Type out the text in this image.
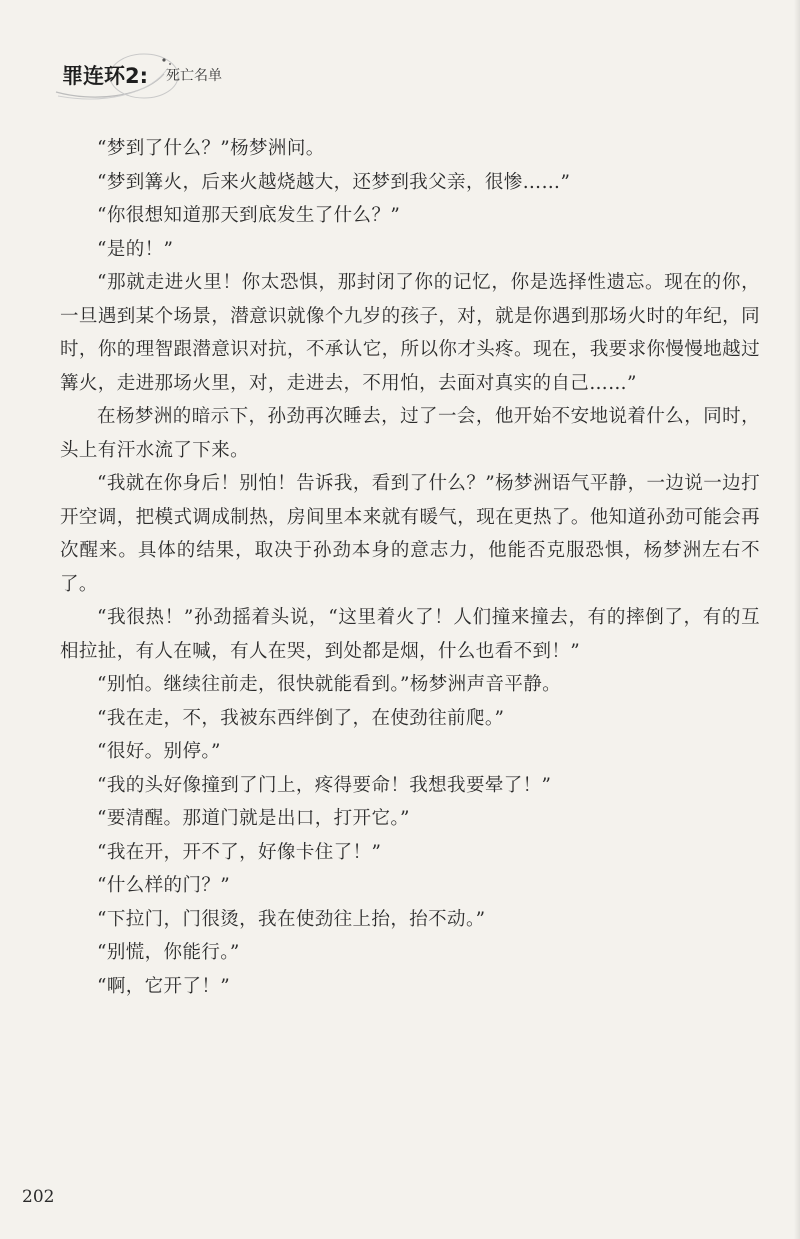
罪连环2: 死亡名单

“梦到了什么？”杨梦洲问。

“梦到篝火，后来火越烧越大，还梦到我父亲，很惨……”

“你很想知道那天到底发生了什么？”

“是的！”

“那就走进火里！你太恐惧，那封闭了你的记忆，你是选择性遗忘。现在的你，一旦遇到某个场景，潜意识就像个九岁的孩子，对，就是你遇到那场火时的年纪，同时，你的理智跟潜意识对抗，不承认它，所以你才头疼。现在，我要求你慢慢地越过篝火，走进那场火里，对，走进去，不用怕，去面对真实的自己……”

在杨梦洲的暗示下，孙劲再次睡去，过了一会，他开始不安地说着什么，同时，头上有汗水流了下来。

“我就在你身后！别怕！告诉我，看到了什么？”杨梦洲语气平静，一边说一边打开空调，把模式调成制热，房间里本来就有暖气，现在更热了。他知道孙劲可能会再次醒来。具体的结果，取决于孙劲本身的意志力，他能否克服恐惧，杨梦洲左右不了。

“我很热！”孙劲摇着头说，“这里着火了！人们撞来撞去，有的摔倒了，有的互相拉扯，有人在喊，有人在哭，到处都是烟，什么也看不到！”

“别怕。继续往前走，很快就能看到。”杨梦洲声音平静。

“我在走，不，我被东西绊倒了，在使劲往前爬。”

“很好。别停。”

“我的头好像撞到了门上，疼得要命！我想我要晕了！”

“要清醒。那道门就是出口，打开它。”

“我在开，开不了，好像卡住了！”

“什么样的门？”

“下拉门，门很烫，我在使劲往上抬，抬不动。”

“别慌，你能行。”

“啊，它开了！”

202
